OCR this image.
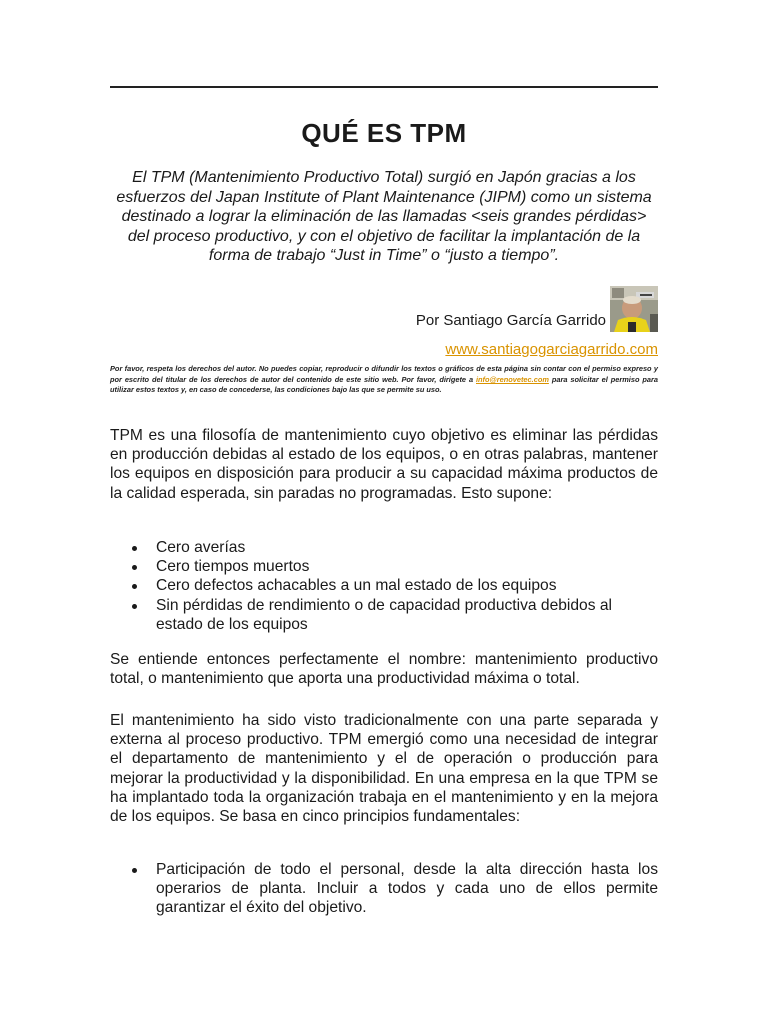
QUÉ ES TPM

El TPM (Mantenimiento Productivo Total) surgió en Japón gracias a los esfuerzos del Japan Institute of Plant Maintenance (JIPM) como un sistema destinado a lograr la eliminación de las llamadas <seis grandes pérdidas> del proceso productivo, y con el objetivo de facilitar la implantación de la forma de trabajo “Just in Time” o “justo a tiempo”.

Por Santiago García Garrido
www.santiagogarciagarrido.com

Por favor, respeta los derechos del autor. No puedes copiar, reproducir o difundir los textos o gráficos de esta página sin contar con el permiso expreso y por escrito del titular de los derechos de autor del contenido de este sitio web. Por favor, dirígete a info@renovetec.com para solicitar el permiso para utilizar estos textos y, en caso de concederse, las condiciones bajo las que se permite su uso.

TPM es una filosofía de mantenimiento cuyo objetivo es eliminar las pérdidas en producción debidas al estado de los equipos, o en otras palabras, mantener los equipos en disposición para producir a su capacidad máxima productos de la calidad esperada, sin paradas no programadas. Esto supone:

Cero averías
Cero tiempos muertos
Cero defectos achacables a un mal estado de los equipos
Sin pérdidas de rendimiento o de capacidad productiva debidos al estado de los equipos

Se entiende entonces perfectamente el nombre: mantenimiento productivo total, o mantenimiento que aporta una productividad máxima o total.

El mantenimiento ha sido visto tradicionalmente con una parte separada y externa al proceso productivo. TPM emergió como una necesidad de integrar el departamento de mantenimiento y el de operación o producción para mejorar la productividad y la disponibilidad. En una empresa en la que TPM se ha implantado toda la organización trabaja en el mantenimiento y en la mejora de los equipos. Se basa en cinco principios fundamentales:

Participación de todo el personal, desde la alta dirección hasta los operarios de planta. Incluir a todos y cada uno de ellos permite garantizar el éxito del objetivo.
